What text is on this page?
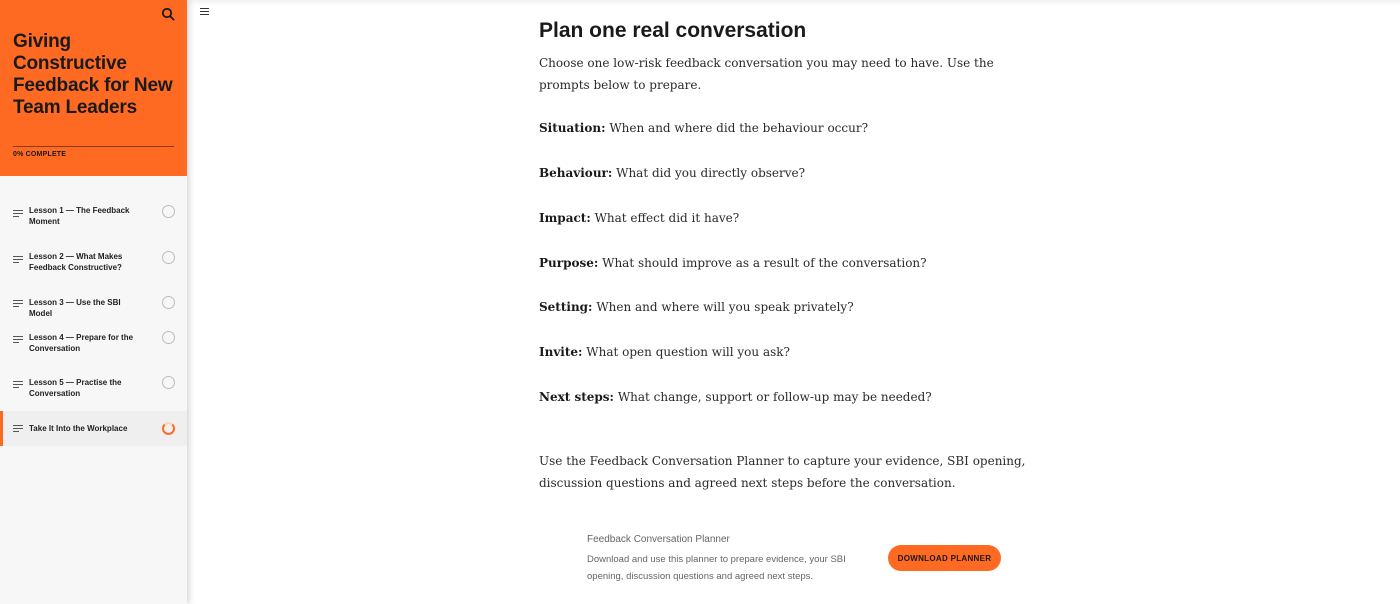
Giving Constructive Feedback for New Team Leaders
0% COMPLETE
Lesson 1 — The Feedback Moment
Lesson 2 — What Makes Feedback Constructive?
Lesson 3 — Use the SBI Model
Lesson 4 — Prepare for the Conversation
Lesson 5 — Practise the Conversation
Take It Into the Workplace
Plan one real conversation

Choose one low-risk feedback conversation you may need to have. Use the prompts below to prepare.

Situation: When and where did the behaviour occur?

Behaviour: What did you directly observe?

Impact: What effect did it have?

Purpose: What should improve as a result of the conversation?

Setting: When and where will you speak privately?

Invite: What open question will you ask?

Next steps: What change, support or follow-up may be needed?

Use the Feedback Conversation Planner to capture your evidence, SBI opening, discussion questions and agreed next steps before the conversation.

Feedback Conversation Planner
Download and use this planner to prepare evidence, your SBI opening, discussion questions and agreed next steps.
DOWNLOAD PLANNER
